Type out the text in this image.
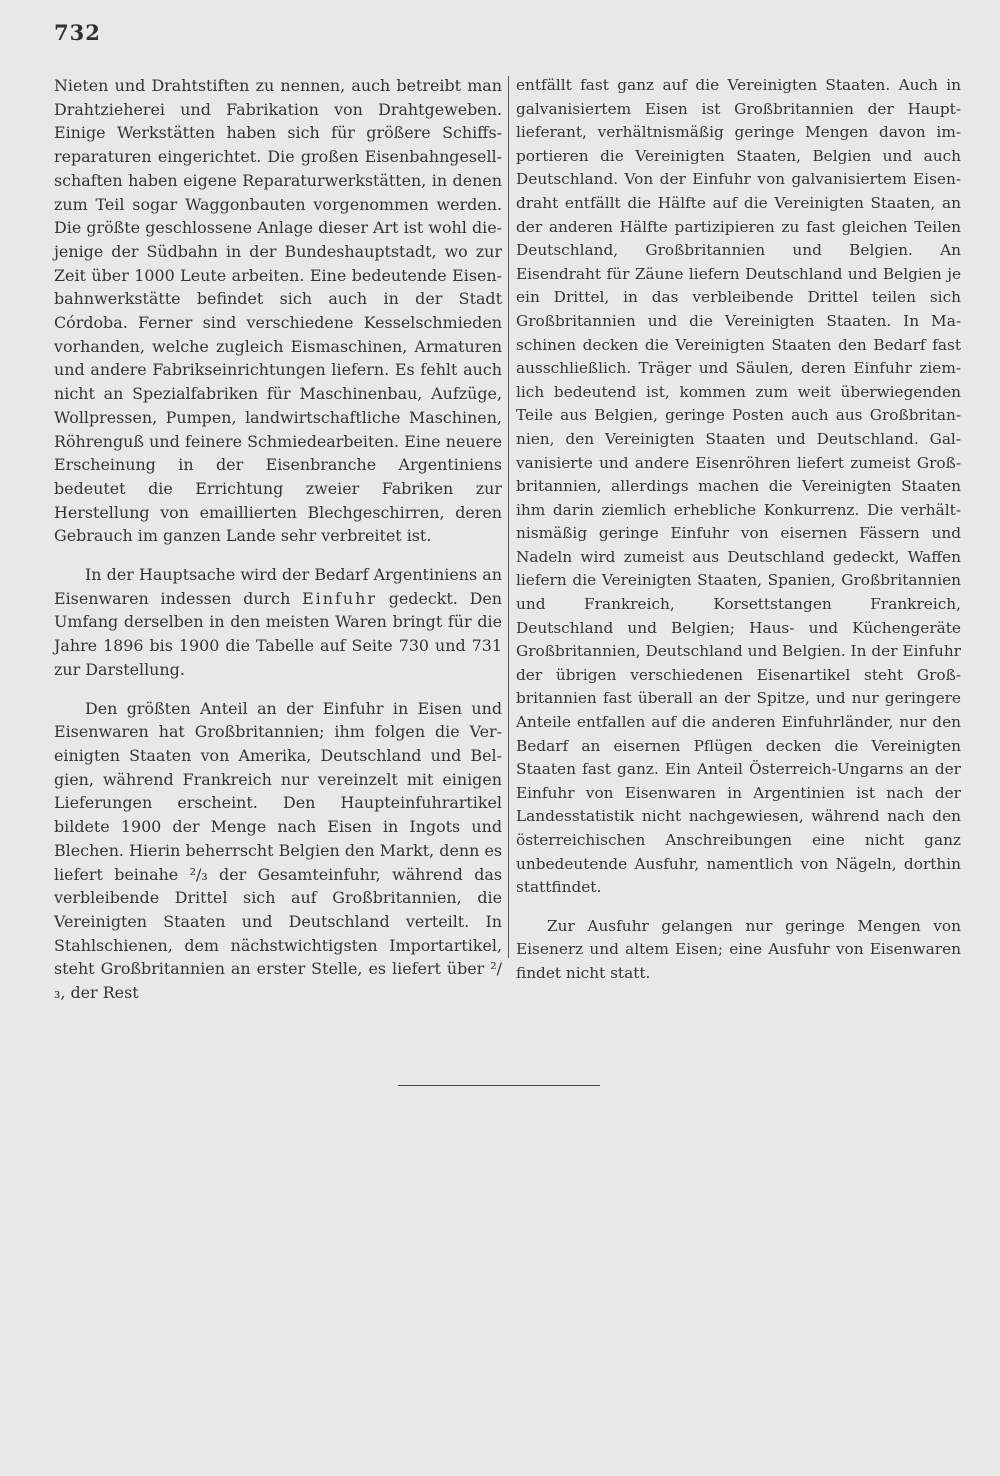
732

Nieten und Drahtstiften zu nennen, auch betreibt man Drahtzieherei und Fabrikation von Drahtgeweben. Einige Werkstätten haben sich für größere Schiffsreparaturen eingerichtet. Die großen Eisenbahngesellschaften haben eigene Reparaturwerkstätten, in denen zum Teil sogar Waggonbauten vorgenommen werden. Die größte geschlossene Anlage dieser Art ist wohl diejenige der Südbahn in der Bundeshauptstadt, wo zur Zeit über 1000 Leute arbeiten. Eine bedeutende Eisenbahnwerkstätte befindet sich auch in der Stadt Córdoba. Ferner sind verschiedene Kesselschmieden vorhanden, welche zugleich Eismaschinen, Armaturen und andere Fabrikseinrichtungen liefern. Es fehlt auch nicht an Spezialfabriken für Maschinenbau, Aufzüge, Wollpressen, Pumpen, landwirtschaftliche Maschinen, Röhrenguß und feinere Schmiedearbeiten. Eine neuere Erscheinung in der Eisenbranche Argentiniens bedeutet die Errichtung zweier Fabriken zur Herstellung von emaillierten Blechgeschirren, deren Gebrauch im ganzen Lande sehr verbreitet ist.

In der Hauptsache wird der Bedarf Argentiniens an Eisenwaren indessen durch Einfuhr gedeckt. Den Umfang derselben in den meisten Waren bringt für die Jahre 1896 bis 1900 die Tabelle auf Seite 730 und 731 zur Darstellung.

Den größten Anteil an der Einfuhr in Eisen und Eisenwaren hat Großbritannien; ihm folgen die Vereinigten Staaten von Amerika, Deutschland und Belgien, während Frankreich nur vereinzelt mit einigen Lieferungen erscheint. Den Haupteinfuhrartikel bildete 1900 der Menge nach Eisen in Ingots und Blechen. Hierin beherrscht Belgien den Markt, denn es liefert beinahe ²/₃ der Gesamteinfuhr, während das verbleibende Drittel sich auf Großbritannien, die Vereinigten Staaten und Deutschland verteilt. In Stahlschienen, dem nächstwichtigsten Importartikel, steht Großbritannien an erster Stelle, es liefert über ²/₃, der Rest

entfällt fast ganz auf die Vereinigten Staaten. Auch in galvanisiertem Eisen ist Großbritannien der Hauptlieferant, verhältnismäßig geringe Mengen davon importieren die Vereinigten Staaten, Belgien und auch Deutschland. Von der Einfuhr von galvanisiertem Eisendraht entfällt die Hälfte auf die Vereinigten Staaten, an der anderen Hälfte partizipieren zu fast gleichen Teilen Deutschland, Großbritannien und Belgien. An Eisendraht für Zäune liefern Deutschland und Belgien je ein Drittel, in das verbleibende Drittel teilen sich Großbritannien und die Vereinigten Staaten. In Maschinen decken die Vereinigten Staaten den Bedarf fast ausschließlich. Träger und Säulen, deren Einfuhr ziemlich bedeutend ist, kommen zum weit überwiegenden Teile aus Belgien, geringe Posten auch aus Großbritannien, den Vereinigten Staaten und Deutschland. Galvanisierte und andere Eisenröhren liefert zumeist Großbritannien, allerdings machen die Vereinigten Staaten ihm darin ziemlich erhebliche Konkurrenz. Die verhältnismäßig geringe Einfuhr von eisernen Fässern und Nadeln wird zumeist aus Deutschland gedeckt, Waffen liefern die Vereinigten Staaten, Spanien, Großbritannien und Frankreich, Korsettstangen Frankreich, Deutschland und Belgien; Haus- und Küchengeräte Großbritannien, Deutschland und Belgien. In der Einfuhr der übrigen verschiedenen Eisenartikel steht Großbritannien fast überall an der Spitze, und nur geringere Anteile entfallen auf die anderen Einfuhrländer, nur den Bedarf an eisernen Pflügen decken die Vereinigten Staaten fast ganz. Ein Anteil Österreich-Ungarns an der Einfuhr von Eisenwaren in Argentinien ist nach der Landesstatistik nicht nachgewiesen, während nach den österreichischen Anschreibungen eine nicht ganz unbedeutende Ausfuhr, namentlich von Nägeln, dorthin stattfindet.

Zur Ausfuhr gelangen nur geringe Mengen von Eisenerz und altem Eisen; eine Ausfuhr von Eisenwaren findet nicht statt.
